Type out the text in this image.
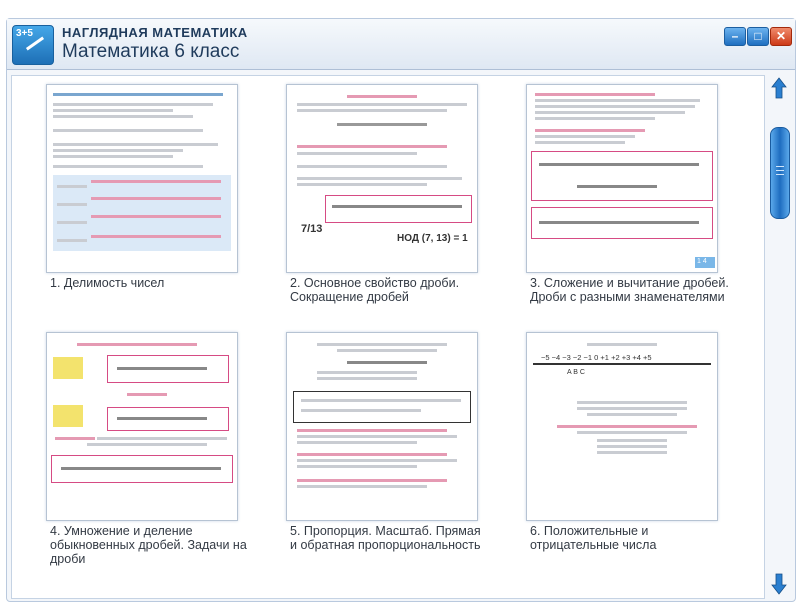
3+5 НАГЛЯДНАЯ МАТЕМАТИКА
Математика 6 класс
–	□	✕
1. Делимость чисел
7/13
НОД (7, 13) = 1
2. Основное свойство дроби. Сокращение дробей
1 4
3. Сложение и вычитание дробей. Дроби с разными знаменателями
4. Умножение и деление обыкновенных дробей. Задачи на дроби
5. Пропорция. Масштаб. Прямая и обратная пропорциональность
−5 −4 −3 −2 −1 0 +1 +2 +3 +4 +5
A B C
6. Положительные и отрицательные числа
